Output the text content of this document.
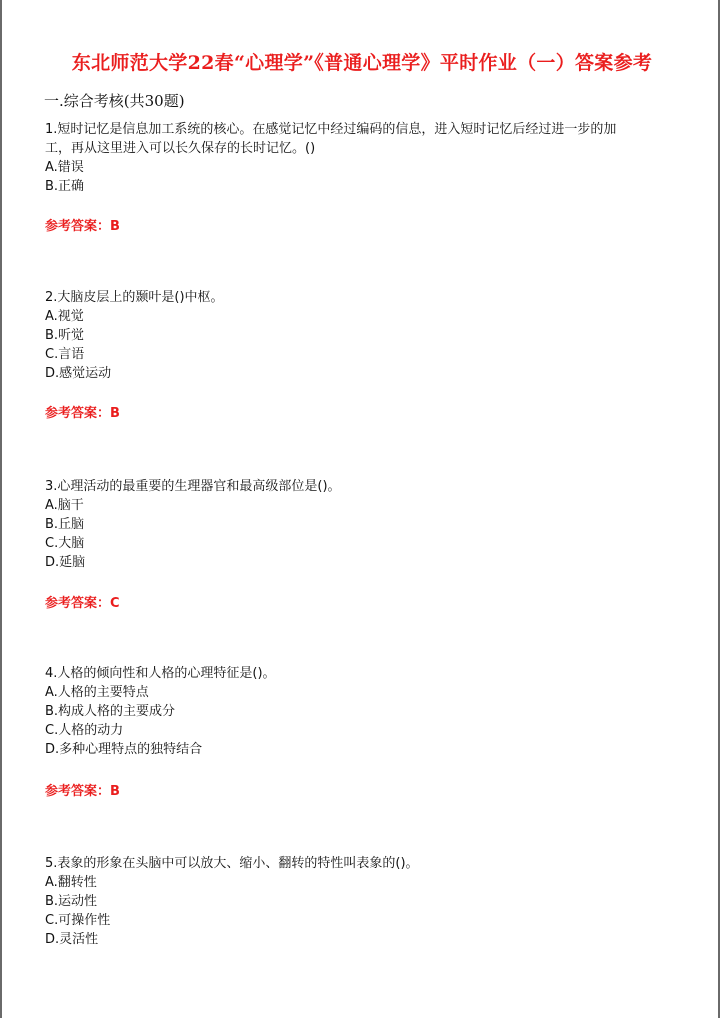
东北师范大学22春“心理学”《普通心理学》平时作业（一）答案参考
一.综合考核(共30题)

1.短时记忆是信息加工系统的核心。在感觉记忆中经过编码的信息，进入短时记忆后经过进一步的加

工，再从这里进入可以长久保存的长时记忆。()

A.错误
B.正确
参考答案：B

2.大脑皮层上的颞叶是()中枢。

A.视觉
B.听觉
C.言语
D.感觉运动
参考答案：B

3.心理活动的最重要的生理器官和最高级部位是()。

A.脑干
B.丘脑
C.大脑
D.延脑
参考答案：C

4.人格的倾向性和人格的心理特征是()。

A.人格的主要特点
B.构成人格的主要成分
C.人格的动力
D.多种心理特点的独特结合
参考答案：B

5.表象的形象在头脑中可以放大、缩小、翻转的特性叫表象的()。

A.翻转性
B.运动性
C.可操作性
D.灵活性
